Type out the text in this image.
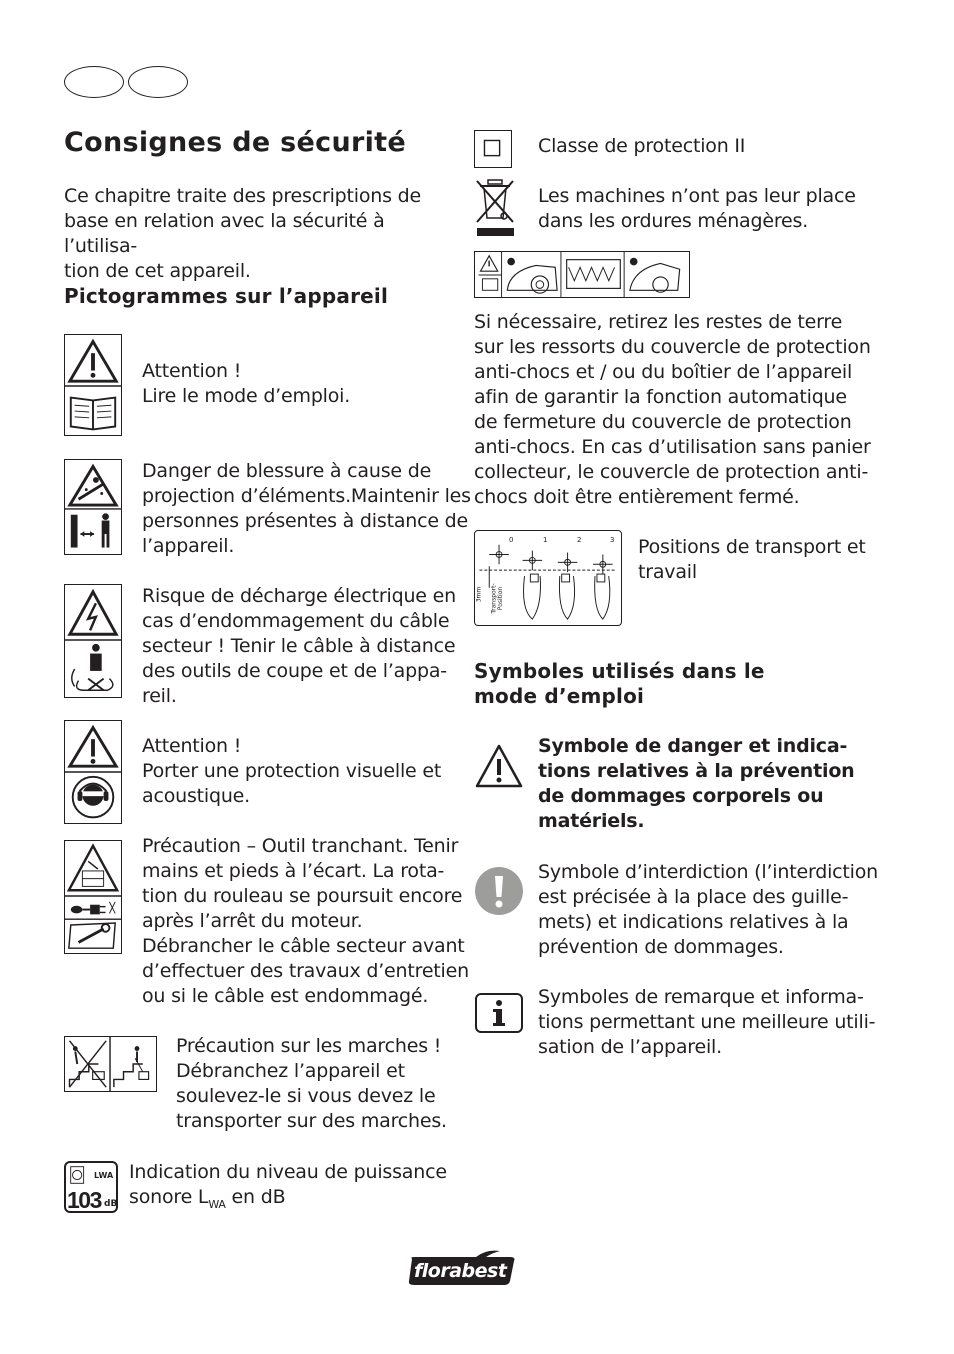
Consignes de sécurité
Ce chapitre traite des prescriptions de
base en relation avec la sécurité à l’utilisa-
tion de cet appareil.
Pictogrammes sur l’appareil
Attention !
Lire le mode d’emploi.
Danger de blessure à cause de
projection d’éléments.Maintenir les
personnes présentes à distance de
l’appareil.
Risque de décharge électrique en
cas d’endommagement du câble
secteur ! Tenir le câble à distance
des outils de coupe et de l’appa-
reil.
Attention !
Porter une protection visuelle et
acoustique.
Précaution – Outil tranchant. Tenir
mains et pieds à l’écart. La rota-
tion du rouleau se poursuit encore
après l’arrêt du moteur.
Débrancher le câble secteur avant
d’effectuer des travaux d’entretien
ou si le câble est endommagé.
Précaution sur les marches !
Débranchez l’appareil et
soulevez-le si vous devez le
transporter sur des marches.
LWA
103 dB
Indication du niveau de puissance
sonore $L_{WA}$ en dB
Classe de protection II
Les machines n’ont pas leur place
dans les ordures ménagères.
Si nécessaire, retirez les restes de terre
sur les ressorts du couvercle de protection
anti-chocs et / ou du boîtier de l’appareil
afin de garantir la fonction automatique
de fermeture du couvercle de protection
anti-chocs. En cas d’utilisation sans panier
collecteur, le couvercle de protection anti-
chocs doit être entièrement fermé.
0	1	2	3
3mm Transport- Position
Positions de transport et
travail
Symboles utilisés dans le
mode d’emploi
Symbole de danger et indica-
tions relatives à la prévention
de dommages corporels ou
matériels.
Symbole d’interdiction (l’interdiction
est précisée à la place des guille-
mets) et indications relatives à la
prévention de dommages.
Symboles de remarque et informa-
tions permettant une meilleure utili-
sation de l’appareil.
florabest
